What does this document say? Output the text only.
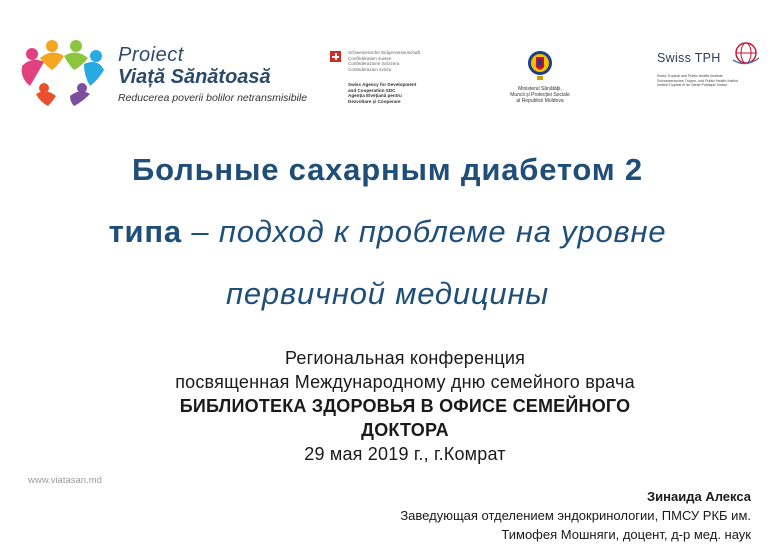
Proiect
Viață Sănătoasă
Reducerea poverii bolilor netransmisibile
Schweizerische Eidgenossenschaft
Confédération suisse
Confederazione Svizzera
Confederaziun svizra
Swiss Agency for Development
and Cooperation SDC
Agenția Elvețiană pentru
Dezvoltare și Cooperare
Ministerul Sănătății,
Muncii și Protecției Sociale
al Republicii Moldova
Swiss TPH
Swiss Tropical and Public Health Institute
Schweizerisches Tropen- und Public Health-Institut
Institut Tropical et de Santé Publique Suisse
Больные сахарным диабетом 2
типа – подход к проблеме на уровне
первичной медицины
Региональная конференция
посвященная Международному дню семейного врача
БИБЛИОТЕКА ЗДОРОВЬЯ В ОФИСЕ СЕМЕЙНОГО
ДОКТОРА
29 мая 2019 г., г.Комрат
www.viatasan.md
Зинаида Алекса
Заведующая отделением эндокринологии, ПМСУ РКБ им.
Тимофея Мошняги, доцент, д-р мед. наук
